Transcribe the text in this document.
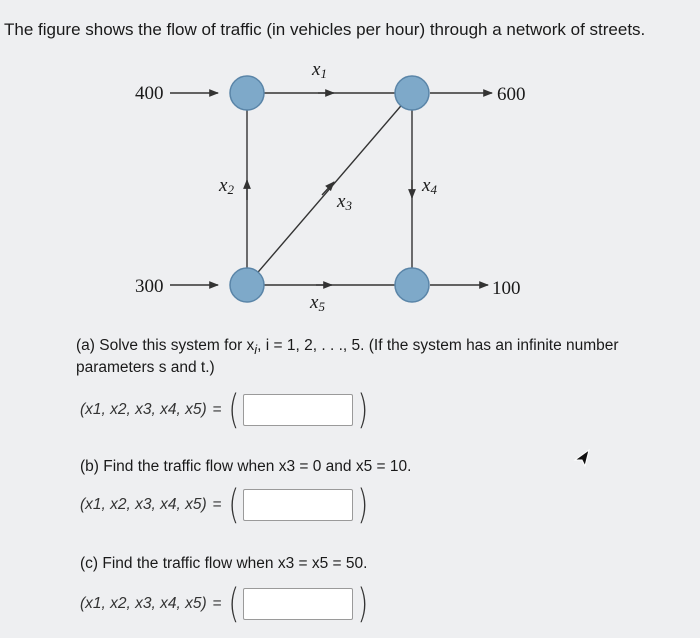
The figure shows the flow of traffic (in vehicles per hour) through a network of streets.
400	600
300	100
x1
x2
x3
x4
x5
(a) Solve this system for $x_i$, i = 1, 2, . . ., 5. (If the system has an infinite number
parameters s and t.)
(x1, x2, x3, x4, x5) = (	)
(b) Find the traffic flow when x3 = 0 and x5 = 10.
(x1, x2, x3, x4, x5) = (	)
(c) Find the traffic flow when x3 = x5 = 50.
(x1, x2, x3, x4, x5) = (	)
